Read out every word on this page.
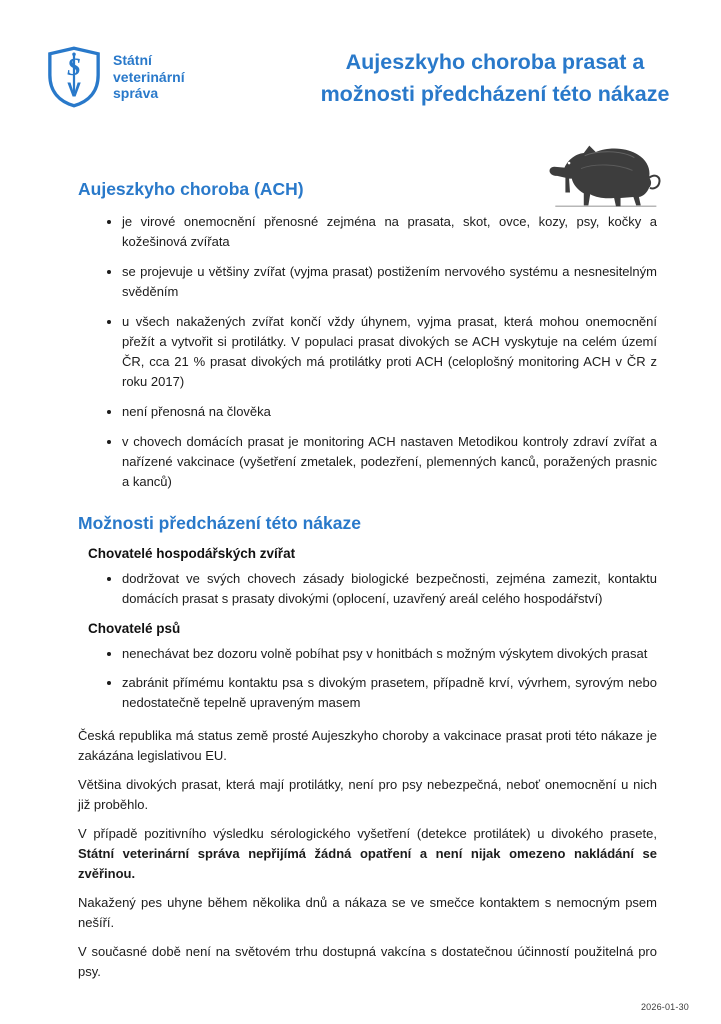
S
V
Státní
veterinární
správa
Aujeszkyho choroba prasat a
možnosti předcházení této nákaze
Aujeszkyho choroba (ACH)
• je virové onemocnění přenosné zejména na prasata, skot, ovce, kozy, psy, kočky a kožešinová zvířata
• se projevuje u většiny zvířat (vyjma prasat) postižením nervového systému a nesnesitelným svěděním
• u všech nakažených zvířat končí vždy úhynem, vyjma prasat, která mohou onemocnění přežít a vytvořit si protilátky. V populaci prasat divokých se ACH vyskytuje na celém území ČR, cca 21 % prasat divokých má protilátky proti ACH (celoplošný monitoring ACH v ČR z roku 2017)
• není přenosná na člověka
• v chovech domácích prasat je monitoring ACH nastaven Metodikou kontroly zdraví zvířat a nařízené vakcinace (vyšetření zmetalek, podezření, plemenných kanců, poražených prasnic a kanců)
Možnosti předcházení této nákaze
Chovatelé hospodářských zvířat
• dodržovat ve svých chovech zásady biologické bezpečnosti, zejména zamezit, kontaktu domácích prasat s prasaty divokými (oplocení, uzavřený areál celého hospodářství)
Chovatelé psů
• nenechávat bez dozoru volně pobíhat psy v honitbách s možným výskytem divokých prasat
• zabránit přímému kontaktu psa s divokým prasetem, případně krví, vývrhem, syrovým nebo nedostatečně tepelně upraveným masem

Česká republika má status země prosté Aujeszkyho choroby a vakcinace prasat proti této nákaze je zakázána legislativou EU.

Většina divokých prasat, která mají protilátky, není pro psy nebezpečná, neboť onemocnění u nich již proběhlo.

V případě pozitivního výsledku sérologického vyšetření (detekce protilátek) u divokého prasete, Státní veterinární správa nepřijímá žádná opatření a není nijak omezeno nakládání se zvěřinou.

Nakažený pes uhyne během několika dnů a nákaza se ve smečce kontaktem s nemocným psem nešíří.

V současné době není na světovém trhu dostupná vakcína s dostatečnou účinností použitelná pro psy.

2026-01-30
